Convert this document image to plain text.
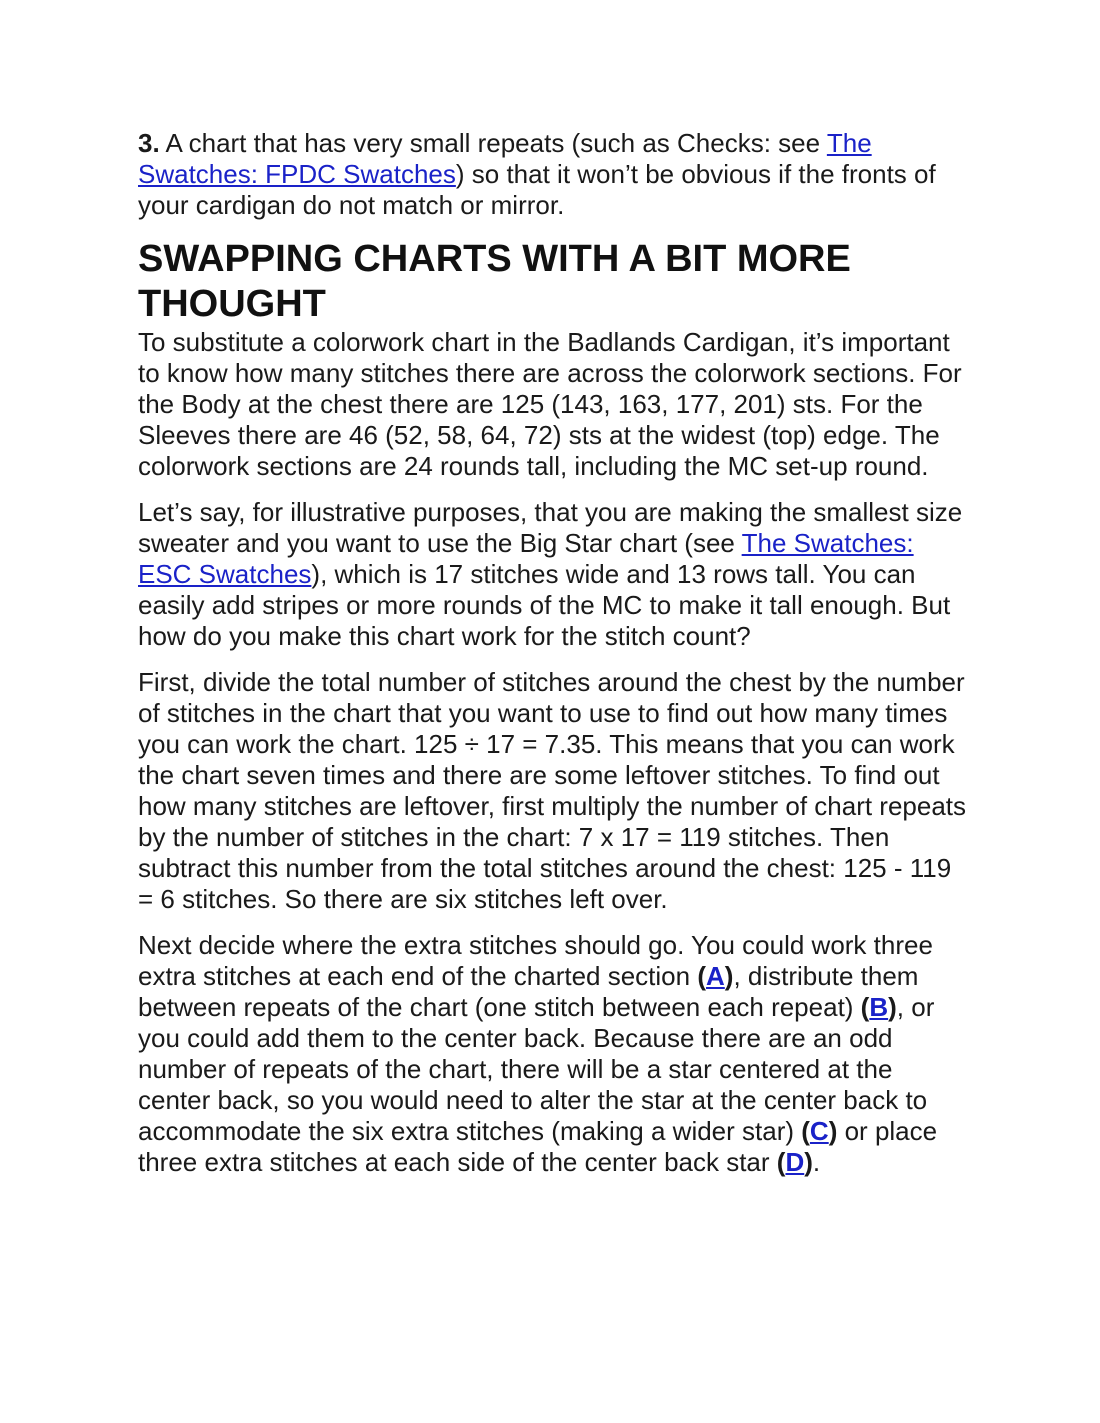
3. A chart that has very small repeats (such as Checks: see The Swatches: FPDC Swatches) so that it won’t be obvious if the fronts of your cardigan do not match or mirror.

SWAPPING CHARTS WITH A BIT MORE THOUGHT

To substitute a colorwork chart in the Badlands Cardigan, it’s important to know how many stitches there are across the colorwork sections. For the Body at the chest there are 125 (143, 163, 177, 201) sts. For the Sleeves there are 46 (52, 58, 64, 72) sts at the widest (top) edge. The colorwork sections are 24 rounds tall, including the MC set-up round.

Let’s say, for illustrative purposes, that you are making the smallest size sweater and you want to use the Big Star chart (see The Swatches: ESC Swatches), which is 17 stitches wide and 13 rows tall. You can easily add stripes or more rounds of the MC to make it tall enough. But how do you make this chart work for the stitch count?

First, divide the total number of stitches around the chest by the number of stitches in the chart that you want to use to find out how many times you can work the chart. 125 ÷ 17 = 7.35. This means that you can work the chart seven times and there are some leftover stitches. To find out how many stitches are leftover, first multiply the number of chart repeats by the number of stitches in the chart: 7 x 17 = 119 stitches. Then subtract this number from the total stitches around the chest: 125 - 119 = 6 stitches. So there are six stitches left over.

Next decide where the extra stitches should go. You could work three extra stitches at each end of the charted section (A), distribute them between repeats of the chart (one stitch between each repeat) (B), or you could add them to the center back. Because there are an odd number of repeats of the chart, there will be a star centered at the center back, so you would need to alter the star at the center back to accommodate the six extra stitches (making a wider star) (C) or place three extra stitches at each side of the center back star (D).
